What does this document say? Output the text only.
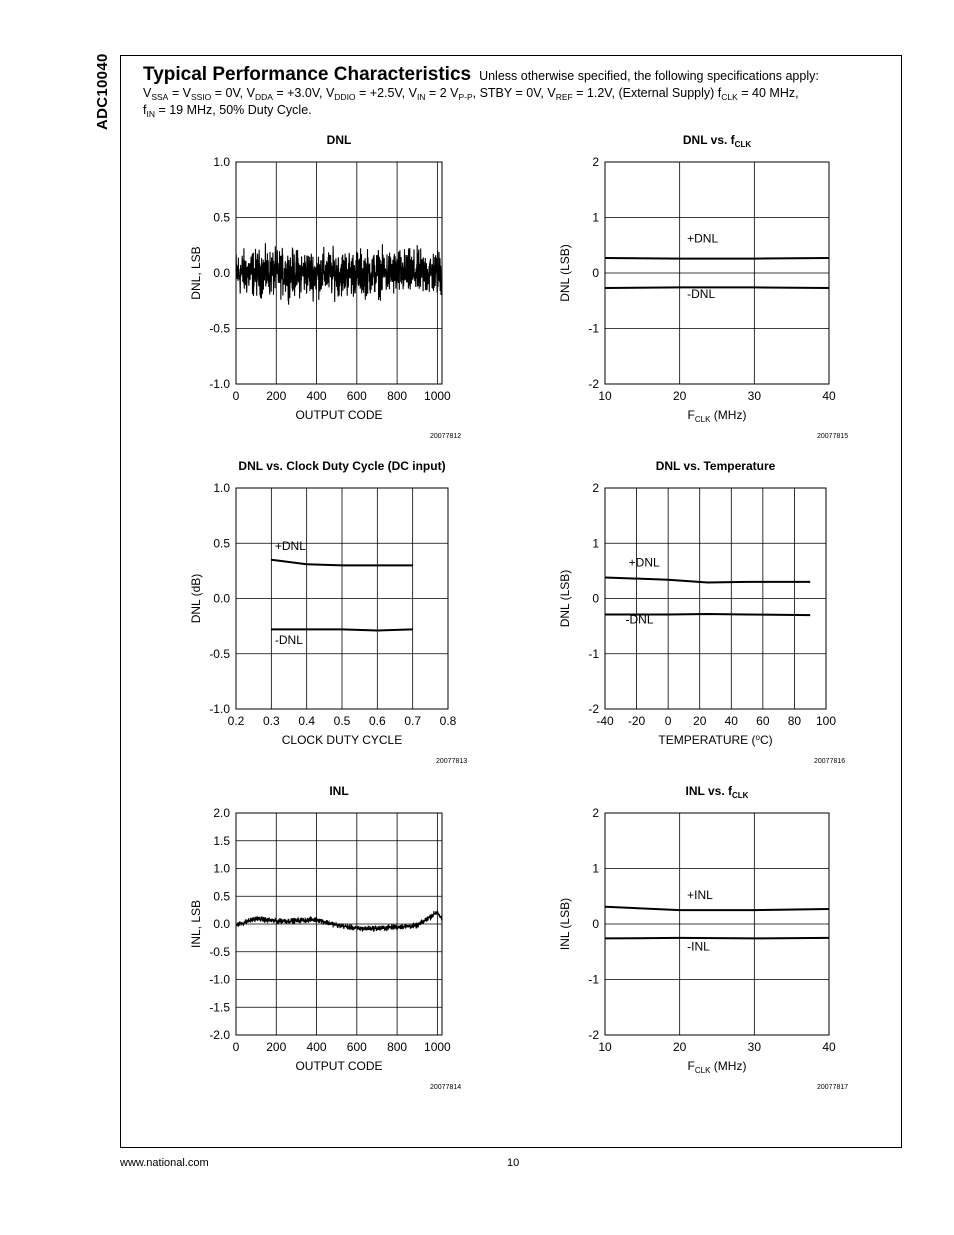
ADC10040 Typical Performance Characteristics Unless otherwise specified, the following specifications apply:
$V_{SSA} = V_{SSIO} = 0V$, $V_{DDA} = +3.0V$, $V_{DDIO} = +2.5V$, $V_{IN} = 2$ $V_{P-P}$, STBY = 0V, $V_{REF} = 1.2V$, (External Supply) $f_{CLK} = 40$ MHz,
$f_{IN} = 19$ MHz, 50% Duty Cycle.
DNL
0 200 400 600 800 1000
-1.0
-0.5
0.0
0.5
1.0
OUTPUT CODE
DNL, LSB
20077812
DNL vs. $f_{CLK}$
10	20	30	40
-2
-1
0
1
2
$F_{CLK}$ (MHz)
DNL (LSB)
20077815
+DNL
-DNL
DNL vs. Clock Duty Cycle (DC input)
0.2 0.3 0.4 0.5 0.6 0.7 0.8
-1.0
-0.5
0.0
0.5
1.0
CLOCK DUTY CYCLE
DNL (dB)
20077813
+DNL
-DNL
DNL vs. Temperature
-40 -20 0 20 40 60 80 100
-2
-1
0
1
2
TEMPERATURE ($^o$C)
DNL (LSB)
20077816
+DNL
-DNL
INL
0 200 400 600 800 1000
-2.0
-1.5
-1.0
-0.5
0.0
0.5
1.0
1.5
2.0
OUTPUT CODE
INL, LSB
20077814
INL vs. $f_{CLK}$
10	20	30	40
-2
-1
0
1
2
$F_{CLK}$ (MHz)
INL (LSB)
20077817
+INL
-INL
www.national.com	10
